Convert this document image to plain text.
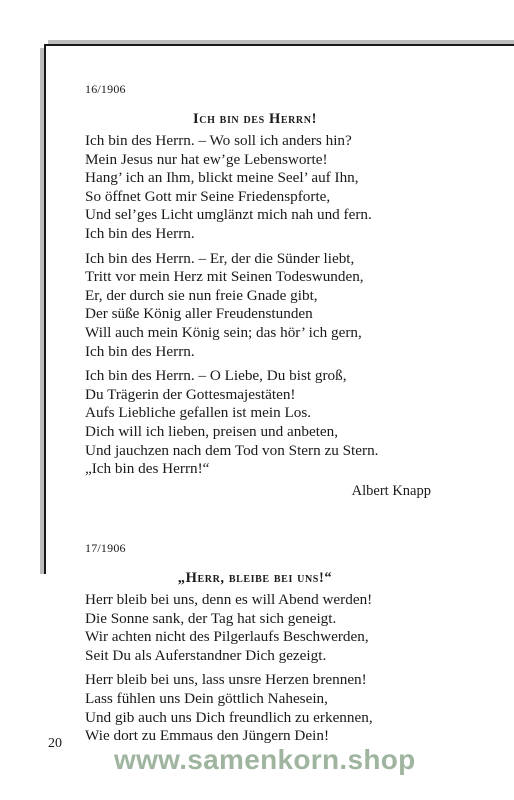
16/1906
Ich bin des Herrn!

Ich bin des Herrn. – Wo soll ich anders hin?
Mein Jesus nur hat ew’ge Lebensworte!
Hang’ ich an Ihm, blickt meine Seel’ auf Ihn,
So öffnet Gott mir Seine Friedenspforte,
Und sel’ges Licht umglänzt mich nah und fern.
Ich bin des Herrn.

Ich bin des Herrn. – Er, der die Sünder liebt,
Tritt vor mein Herz mit Seinen Todeswunden,
Er, der durch sie nun freie Gnade gibt,
Der süße König aller Freudenstunden
Will auch mein König sein; das hör’ ich gern,
Ich bin des Herrn.

Ich bin des Herrn. – O Liebe, Du bist groß,
Du Trägerin der Gottesmajestäten!
Aufs Liebliche gefallen ist mein Los.
Dich will ich lieben, preisen und anbeten,
Und jauchzen nach dem Tod von Stern zu Stern.
„Ich bin des Herrn!“

Albert Knapp
17/1906
„Herr, bleibe bei uns!“

Herr bleib bei uns, denn es will Abend werden!
Die Sonne sank, der Tag hat sich geneigt.
Wir achten nicht des Pilgerlaufs Beschwerden,
Seit Du als Auferstandner Dich gezeigt.

Herr bleib bei uns, lass unsre Herzen brennen!
Lass fühlen uns Dein göttlich Nahesein,
Und gib auch uns Dich freundlich zu erkennen,
Wie dort zu Emmaus den Jüngern Dein!

20
www.samenkorn.shop
